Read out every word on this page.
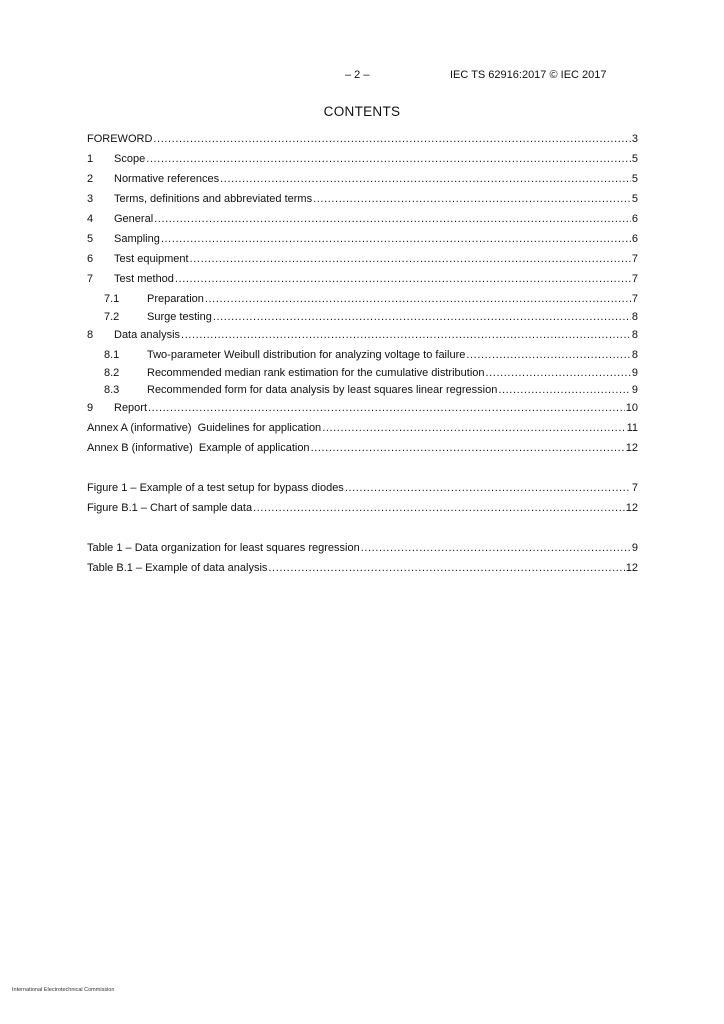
– 2 –	IEC TS 62916:2017 © IEC 2017
CONTENTS
FOREWORD .....	3
1	Scope .....	5
2	Normative references .....	5
3	Terms, definitions and abbreviated terms .....	5
4	General .....	6
5	Sampling .....	6
6	Test equipment .....	7
7	Test method .....	7
7.1	Preparation .....	7
7.2	Surge testing .....	8
8	Data analysis .....	8
8.1	Two-parameter Weibull distribution for analyzing voltage to failure .....	8
8.2	Recommended median rank estimation for the cumulative distribution .....	9
8.3	Recommended form for data analysis by least squares linear regression .....	9
9	Report .....	10
Annex A (informative)  Guidelines for application .....	11
Annex B (informative)  Example of application .....	12
Figure 1 – Example of a test setup for bypass diodes .....	7
Figure B.1 – Chart of sample data .....	12
Table 1 – Data organization for least squares regression .....	9
Table B.1 – Example of data analysis .....	12
International Electrotechnical Commission
